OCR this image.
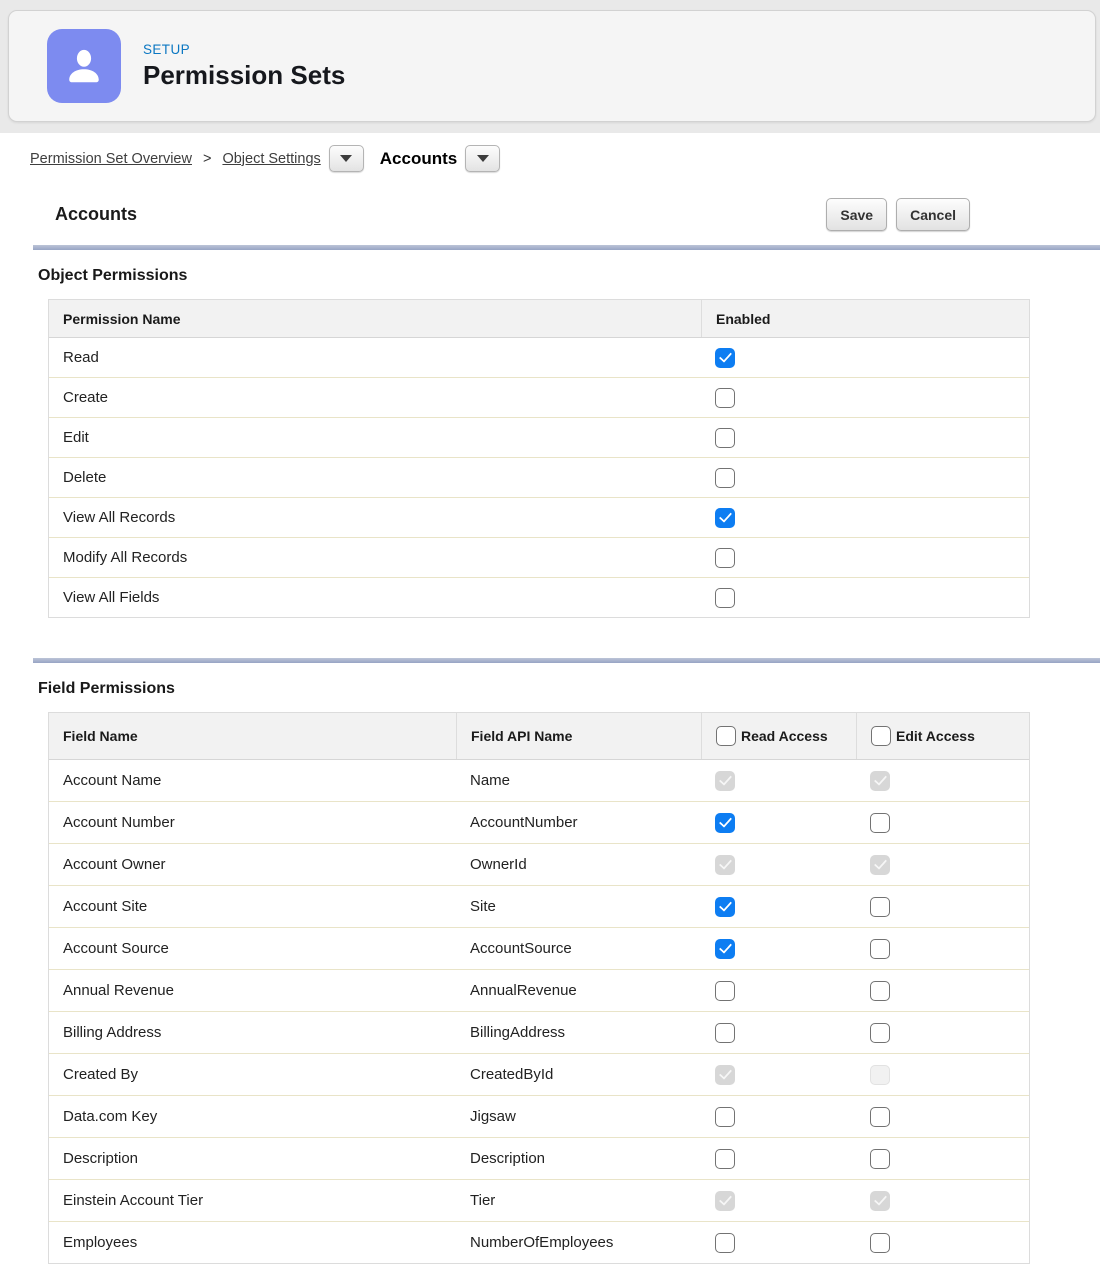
SETUP
Permission Sets
Permission Set Overview > Object Settings	Accounts
Accounts	Save	Cancel
Object Permissions
Permission Name	Enabled
Read
Create
Edit
Delete
View All Records
Modify All Records
View All Fields
Field Permissions
Field Name	Field API Name	Read Access	Edit Access
Account Name	Name
Account Number	AccountNumber
Account Owner	OwnerId
Account Site	Site
Account Source	AccountSource
Annual Revenue	AnnualRevenue
Billing Address	BillingAddress
Created By	CreatedById
Data.com Key	Jigsaw
Description	Description
Einstein Account Tier	Tier
Employees	NumberOfEmployees
